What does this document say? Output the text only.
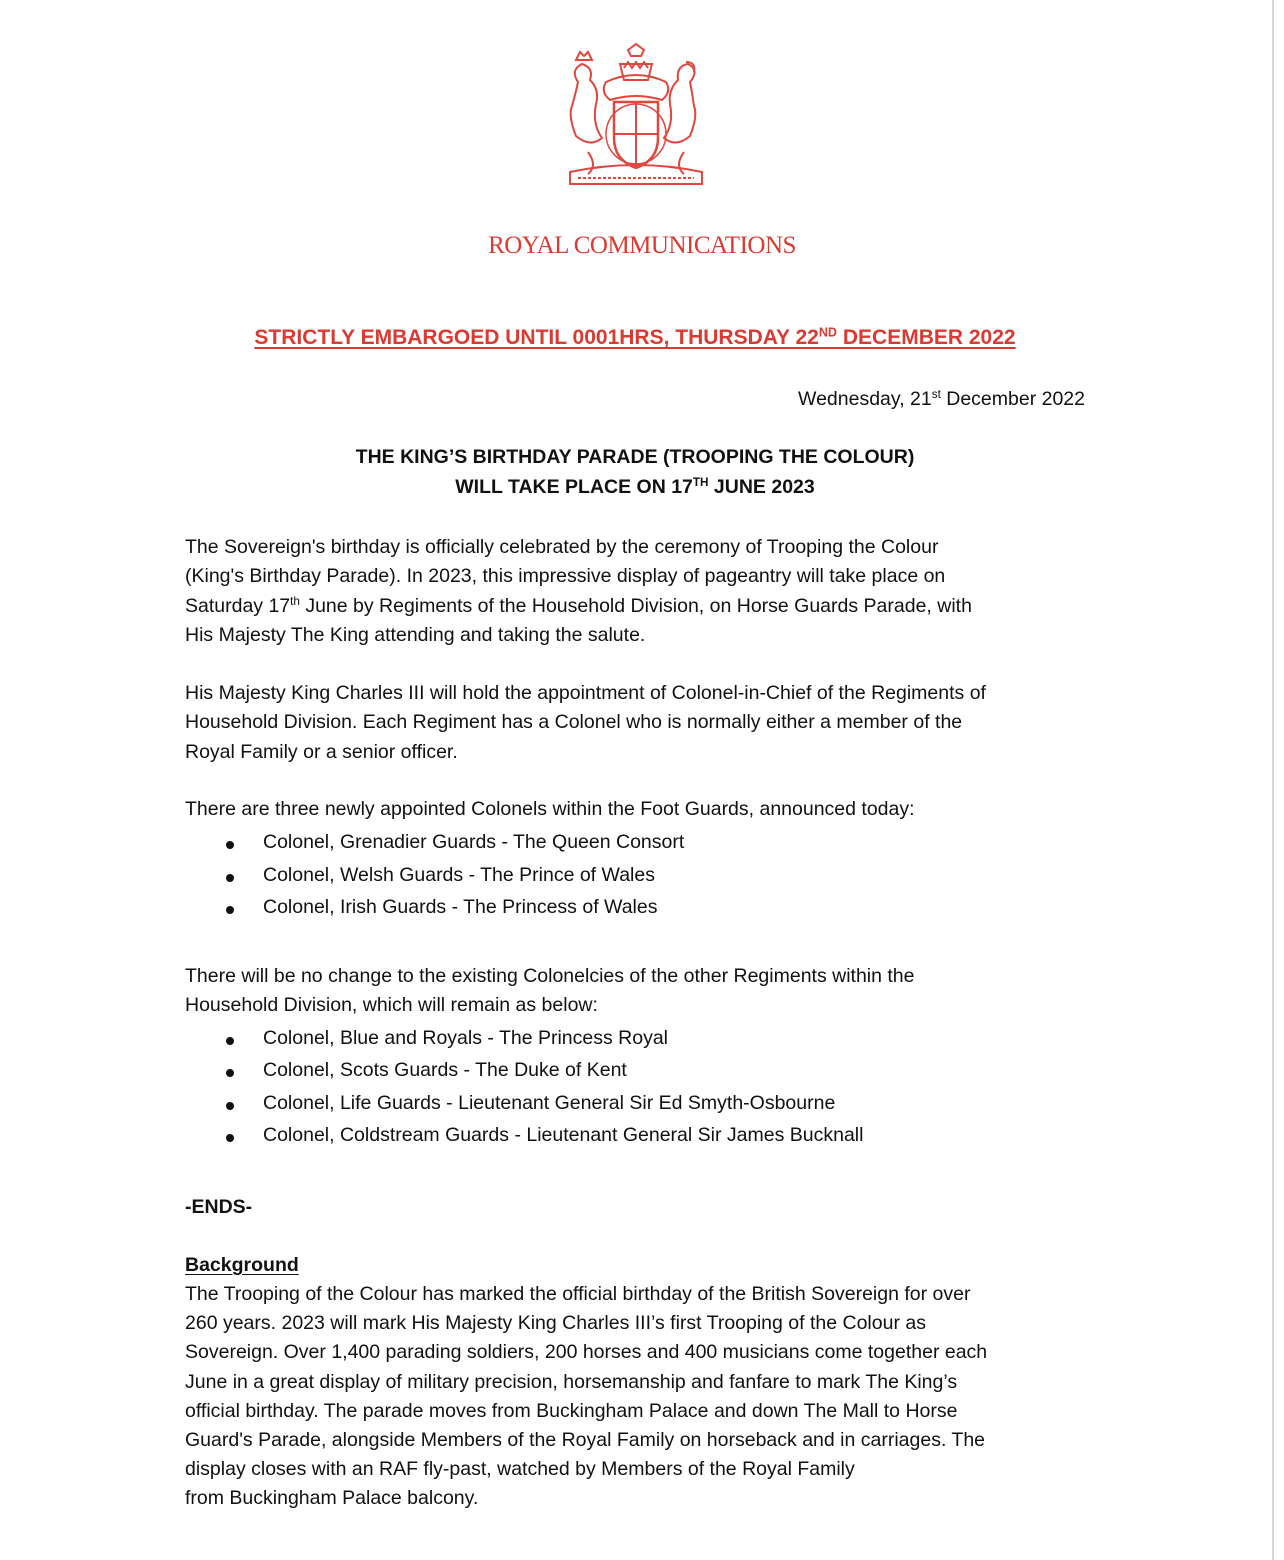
ROYAL COMMUNICATIONS
STRICTLY EMBARGOED UNTIL 0001HRS, THURSDAY 22ND DECEMBER 2022
Wednesday, 21st December 2022
THE KING’S BIRTHDAY PARADE (TROOPING THE COLOUR)
WILL TAKE PLACE ON 17TH JUNE 2023
The Sovereign's birthday is officially celebrated by the ceremony of Trooping the Colour
(King's Birthday Parade). In 2023, this impressive display of pageantry will take place on
Saturday 17th June by Regiments of the Household Division, on Horse Guards Parade, with
His Majesty The King attending and taking the salute.
His Majesty King Charles III will hold the appointment of Colonel-in-Chief of the Regiments of
Household Division. Each Regiment has a Colonel who is normally either a member of the
Royal Family or a senior officer.
There are three newly appointed Colonels within the Foot Guards, announced today:
Colonel, Grenadier Guards - The Queen Consort
Colonel, Welsh Guards - The Prince of Wales
Colonel, Irish Guards - The Princess of Wales
There will be no change to the existing Colonelcies of the other Regiments within the
Household Division, which will remain as below:
Colonel, Blue and Royals - The Princess Royal
Colonel, Scots Guards - The Duke of Kent
Colonel, Life Guards - Lieutenant General Sir Ed Smyth-Osbourne
Colonel, Coldstream Guards - Lieutenant General Sir James Bucknall
-ENDS-
Background
The Trooping of the Colour has marked the official birthday of the British Sovereign for over
260 years. 2023 will mark His Majesty King Charles III’s first Trooping of the Colour as
Sovereign. Over 1,400 parading soldiers, 200 horses and 400 musicians come together each
June in a great display of military precision, horsemanship and fanfare to mark The King’s
official birthday. The parade moves from Buckingham Palace and down The Mall to Horse
Guard's Parade, alongside Members of the Royal Family on horseback and in carriages. The
display closes with an RAF fly-past, watched by Members of the Royal Family
from Buckingham Palace balcony.
